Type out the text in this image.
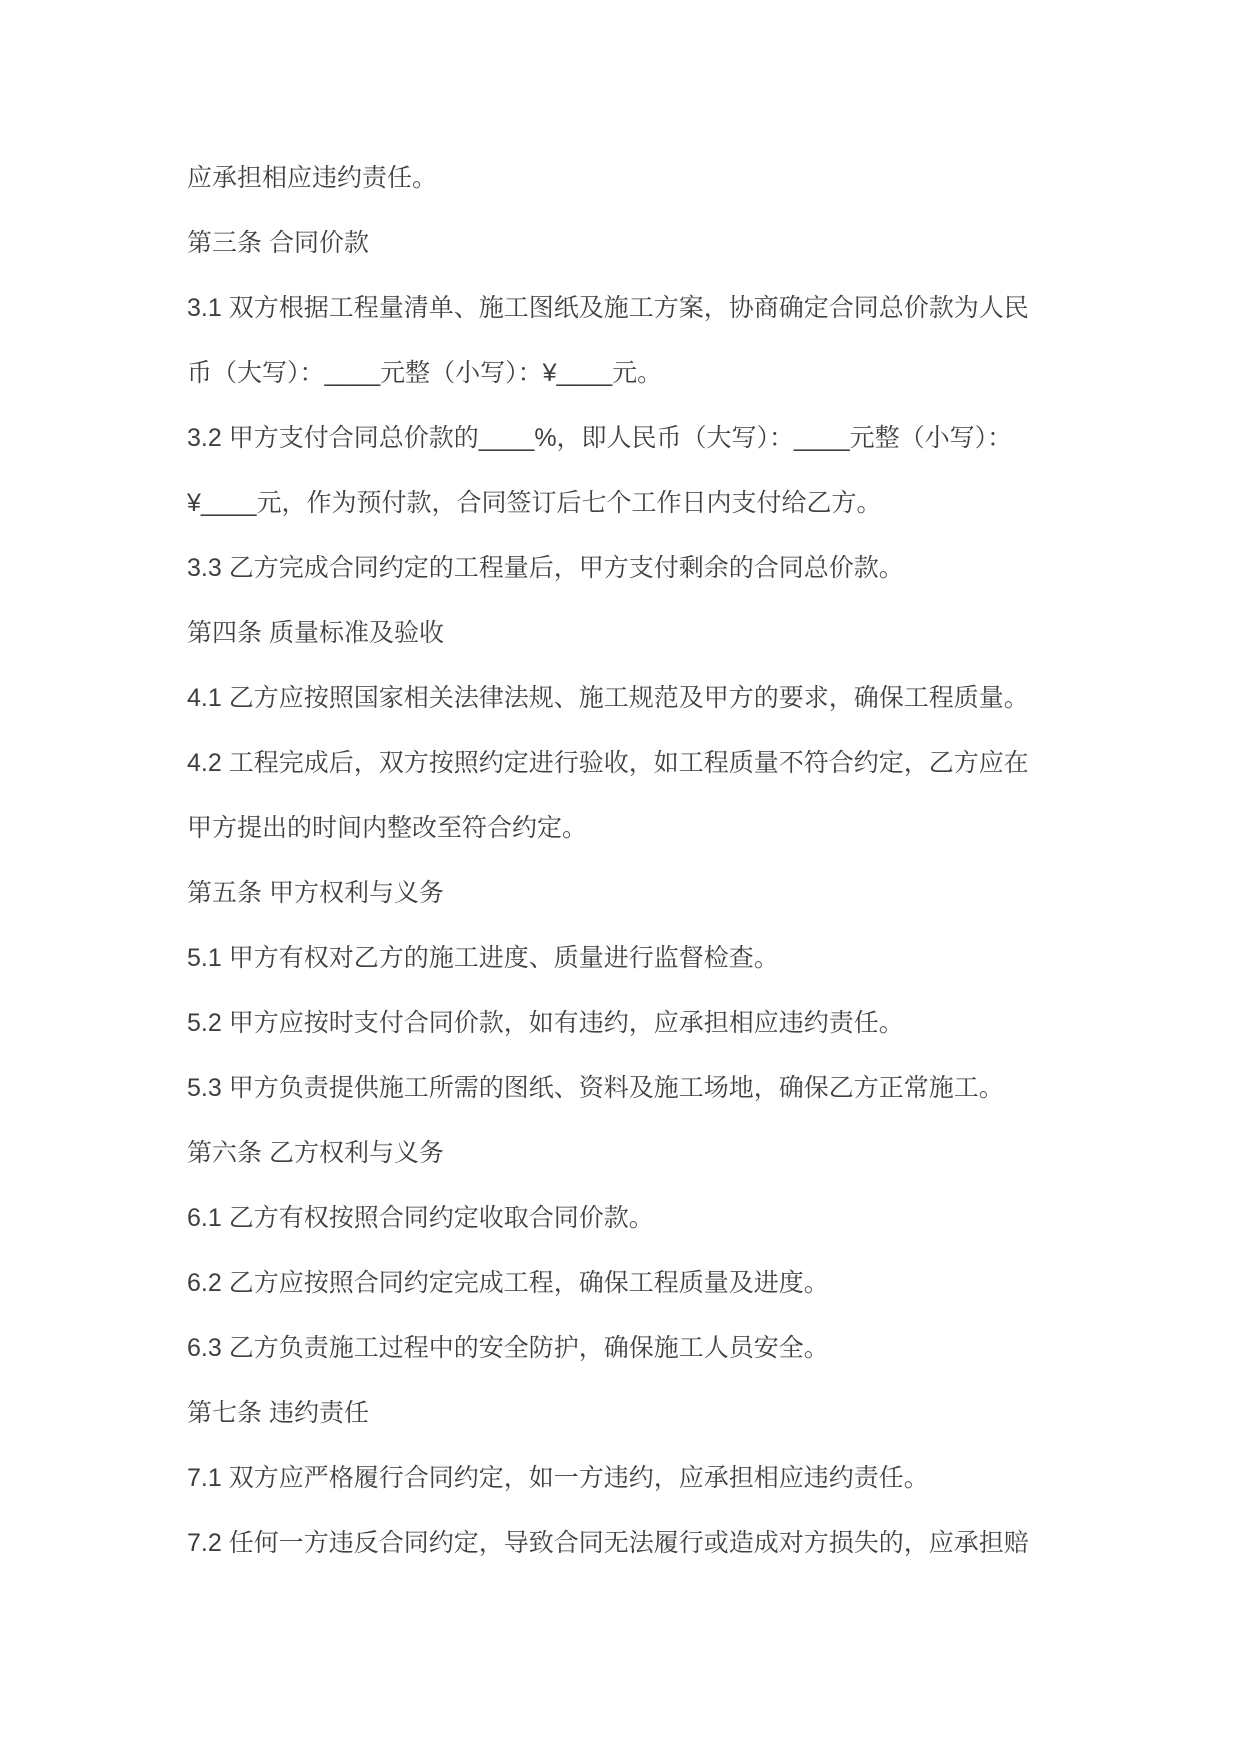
应承担相应违约责任。
第三条 合同价款
3.1 双方根据工程量清单、施工图纸及施工方案，协商确定合同总价款为人民
币（大写）：____元整（小写）：¥____元。
3.2 甲方支付合同总价款的____%，即人民币（大写）：____元整（小写）：
¥____元，作为预付款，合同签订后七个工作日内支付给乙方。
3.3 乙方完成合同约定的工程量后，甲方支付剩余的合同总价款。
第四条 质量标准及验收
4.1 乙方应按照国家相关法律法规、施工规范及甲方的要求，确保工程质量。
4.2 工程完成后，双方按照约定进行验收，如工程质量不符合约定，乙方应在
甲方提出的时间内整改至符合约定。
第五条 甲方权利与义务
5.1 甲方有权对乙方的施工进度、质量进行监督检查。
5.2 甲方应按时支付合同价款，如有违约，应承担相应违约责任。
5.3 甲方负责提供施工所需的图纸、资料及施工场地，确保乙方正常施工。
第六条 乙方权利与义务
6.1 乙方有权按照合同约定收取合同价款。
6.2 乙方应按照合同约定完成工程，确保工程质量及进度。
6.3 乙方负责施工过程中的安全防护，确保施工人员安全。
第七条 违约责任
7.1 双方应严格履行合同约定，如一方违约，应承担相应违约责任。
7.2 任何一方违反合同约定，导致合同无法履行或造成对方损失的，应承担赔
